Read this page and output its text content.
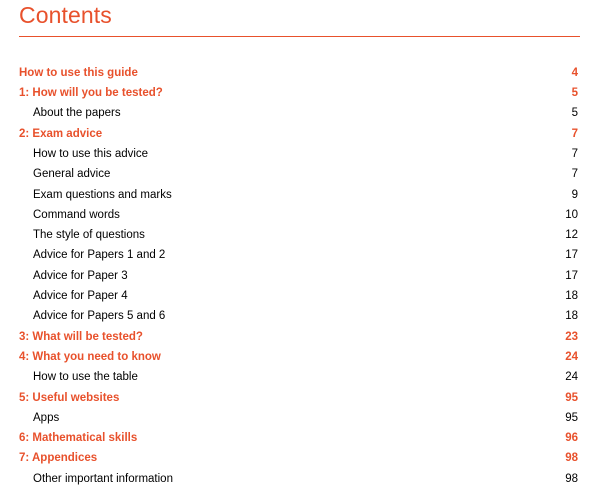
Contents
How to use this guide	4
1: How will you be tested?	5
About the papers	5
2: Exam advice	7
How to use this advice	7
General advice	7
Exam questions and marks	9
Command words	10
The style of questions	12
Advice for Papers 1 and 2	17
Advice for Paper 3	17
Advice for Paper 4	18
Advice for Papers 5 and 6	18
3: What will be tested?	23
4: What you need to know	24
How to use the table	24
5: Useful websites	95
Apps	95
6: Mathematical skills	96
7: Appendices	98
Other important information	98
